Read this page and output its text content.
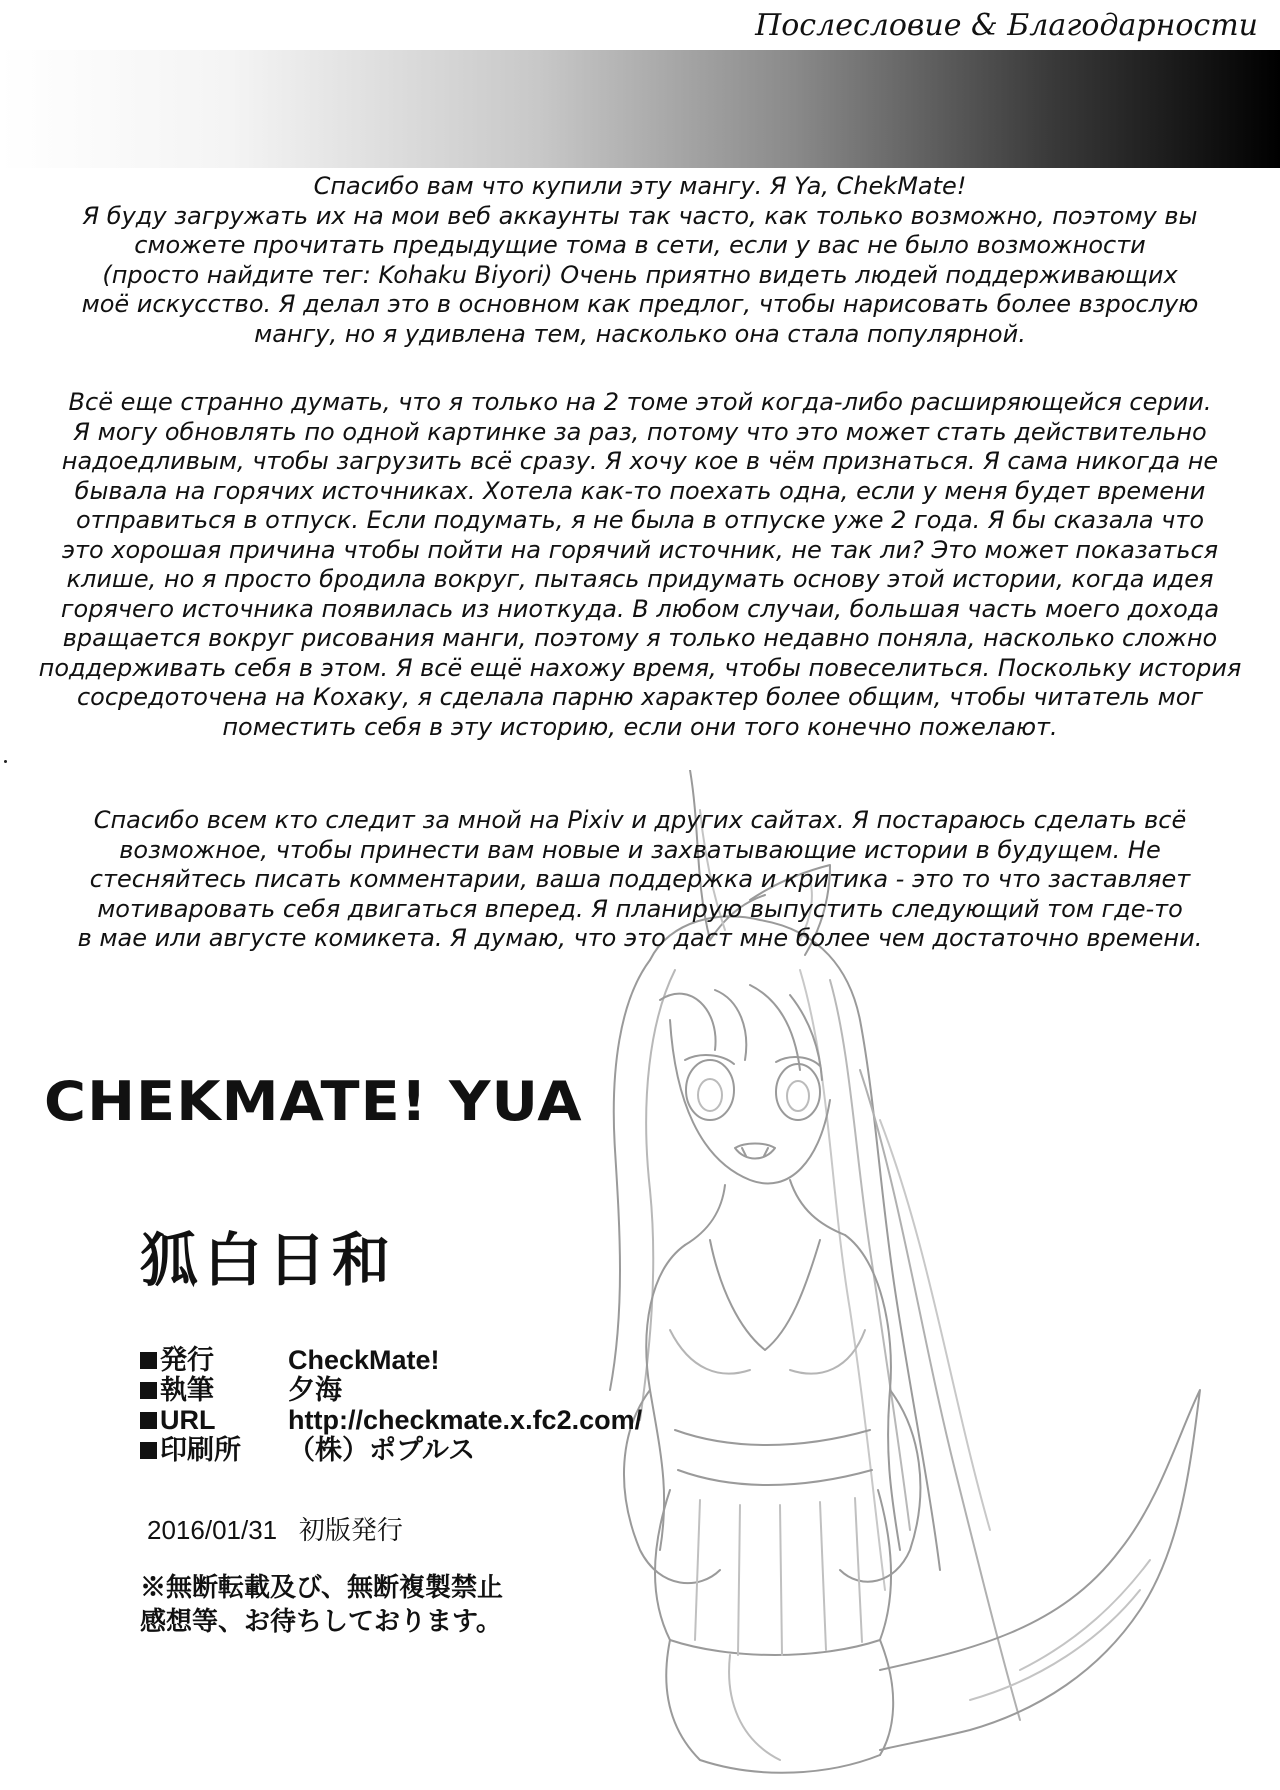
Послесловие & Благодарности
Спасибо вам что купили эту мангу. Я Ya, ChekMate!
Я буду загружать их на мои веб аккаунты так часто, как только возможно, поэтому вы
сможете прочитать предыдущие тома в сети, если у вас не было возможности
(просто найдите тег: Kohaku Biyori) Очень приятно видеть людей поддерживающих
моё искусство. Я делал это в основном как предлог, чтобы нарисовать более взрослую
мангу, но я удивлена тем, насколько она стала популярной.
Всё еще странно думать, что я только на 2 томе этой когда-либо расширяющейся серии.
Я могу обновлять по одной картинке за раз, потому что это может стать действительно
надоедливым, чтобы загрузить всё сразу. Я хочу кое в чём признаться. Я сама никогда не
бывала на горячих источниках. Хотела как-то поехать одна, если у меня будет времени
отправиться в отпуск. Если подумать, я не была в отпуске уже 2 года. Я бы сказала что
это хорошая причина чтобы пойти на горячий источник, не так ли? Это может показаться
клише, но я просто бродила вокруг, пытаясь придумать основу этой истории, когда идея
горячего источника появилась из ниоткуда. В любом случаи, большая часть моего дохода
вращается вокруг рисования манги, поэтому я только недавно поняла, насколько сложно
поддерживать себя в этом. Я всё ещё нахожу время, чтобы повеселиться. Поскольку история
сосредоточена на Кохаку, я сделала парню характер более общим, чтобы читатель мог
поместить себя в эту историю, если они того конечно пожелают.
Спасибо всем кто следит за мной на Pixiv и других сайтах. Я постараюсь сделать всё
возможное, чтобы принести вам новые и захватывающие истории в будущем. Не
стесняйтесь писать комментарии, ваша поддержка и критика - это то что заставляет
мотиваровать себя двигаться вперед. Я планирую выпустить следующий том где-то
в мае или августе комикета. Я думаю, что это даст мне более чем достаточно времени.
CHEKMATE! YUA
狐白日和
発行	CheckMate!
執筆	夕海
URL	http://checkmate.x.fc2.com/
印刷所 （株）ポプルス
2016/01/31 初版発行
※無断転載及び、無断複製禁止
感想等、お待ちしております。
